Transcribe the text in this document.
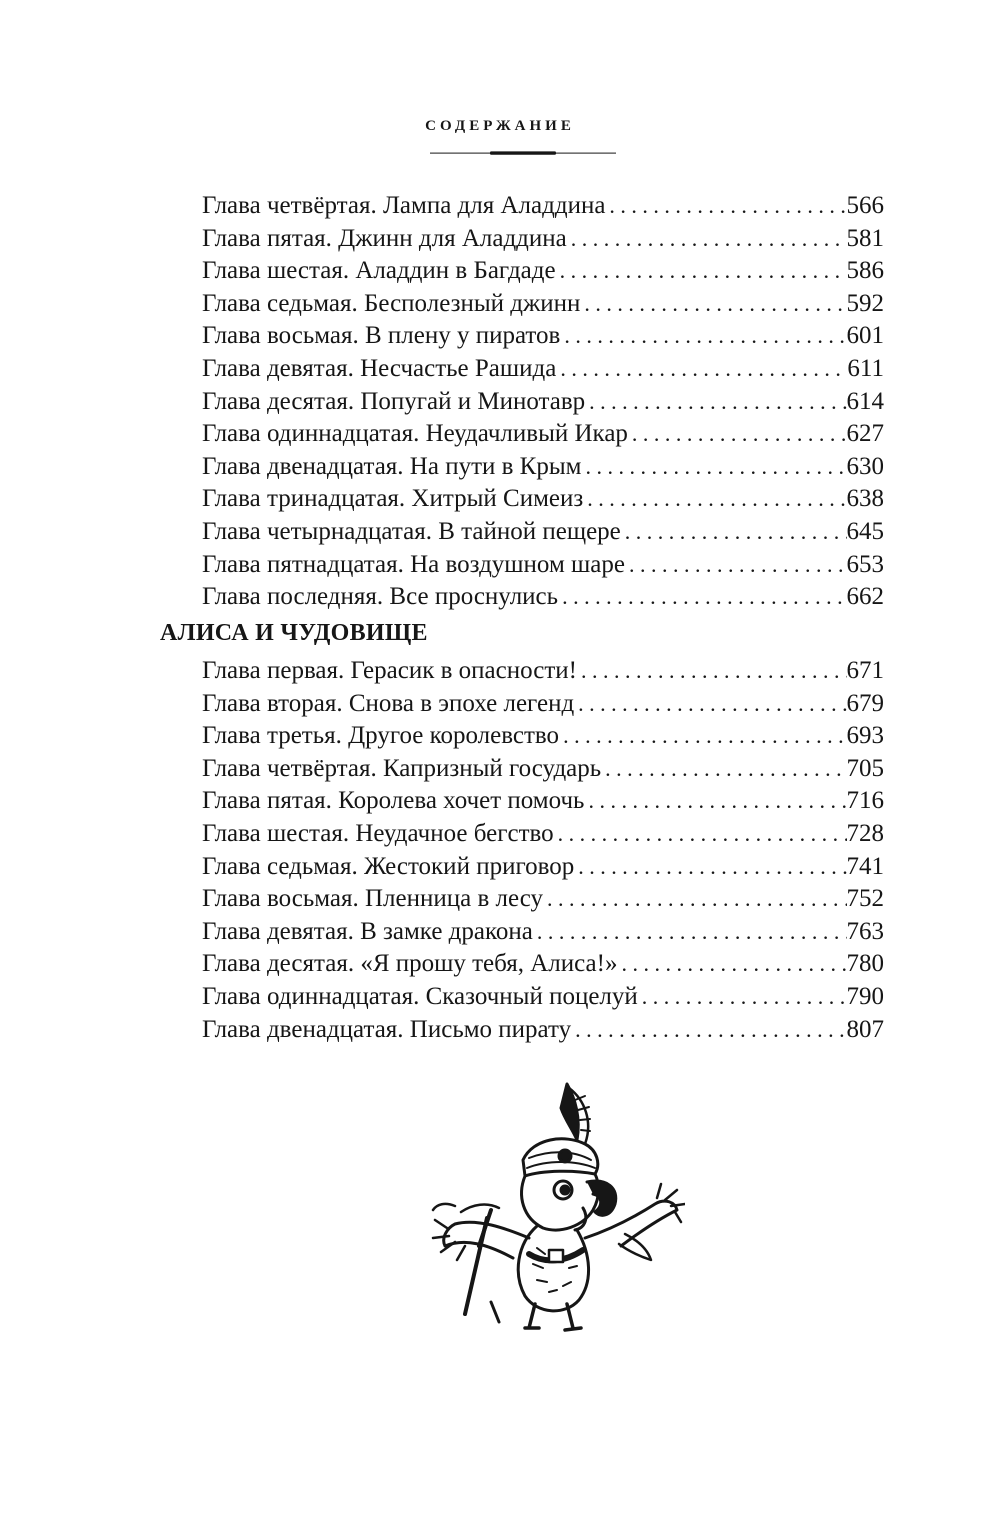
СОДЕРЖАНИЕ
Глава четвёртая. Лампа для Аладдина . . .	566
Глава пятая. Джинн для Аладдина . . .	581
Глава шестая. Аладдин в Багдаде . . .	586
Глава седьмая. Бесполезный джинн . . .	592
Глава восьмая. В плену у пиратов . . .	601
Глава девятая. Несчастье Рашида . . .	611
Глава десятая. Попугай и Минотавр . . .	614
Глава одиннадцатая. Неудачливый Икар . . .	627
Глава двенадцатая. На пути в Крым . . .	630
Глава тринадцатая. Хитрый Симеиз . . .	638
Глава четырнадцатая. В тайной пещере . . .	645
Глава пятнадцатая. На воздушном шаре . . .	653
Глава последняя. Все проснулись . . .	662
АЛИСА И ЧУДОВИЩЕ
Глава первая. Герасик в опасности! . . .	671
Глава вторая. Снова в эпохе легенд . . .	679
Глава третья. Другое королевство . . .	693
Глава четвёртая. Капризный государь . . .	705
Глава пятая. Королева хочет помочь . . .	716
Глава шестая. Неудачное бегство . . .	728
Глава седьмая. Жестокий приговор . . .	741
Глава восьмая. Пленница в лесу . . .	752
Глава девятая. В замке дракона . . .	763
Глава десятая. «Я прошу тебя, Алиса!» . . .	780
Глава одиннадцатая. Сказочный поцелуй . . .	790
Глава двенадцатая. Письмо пирату . . .	807
